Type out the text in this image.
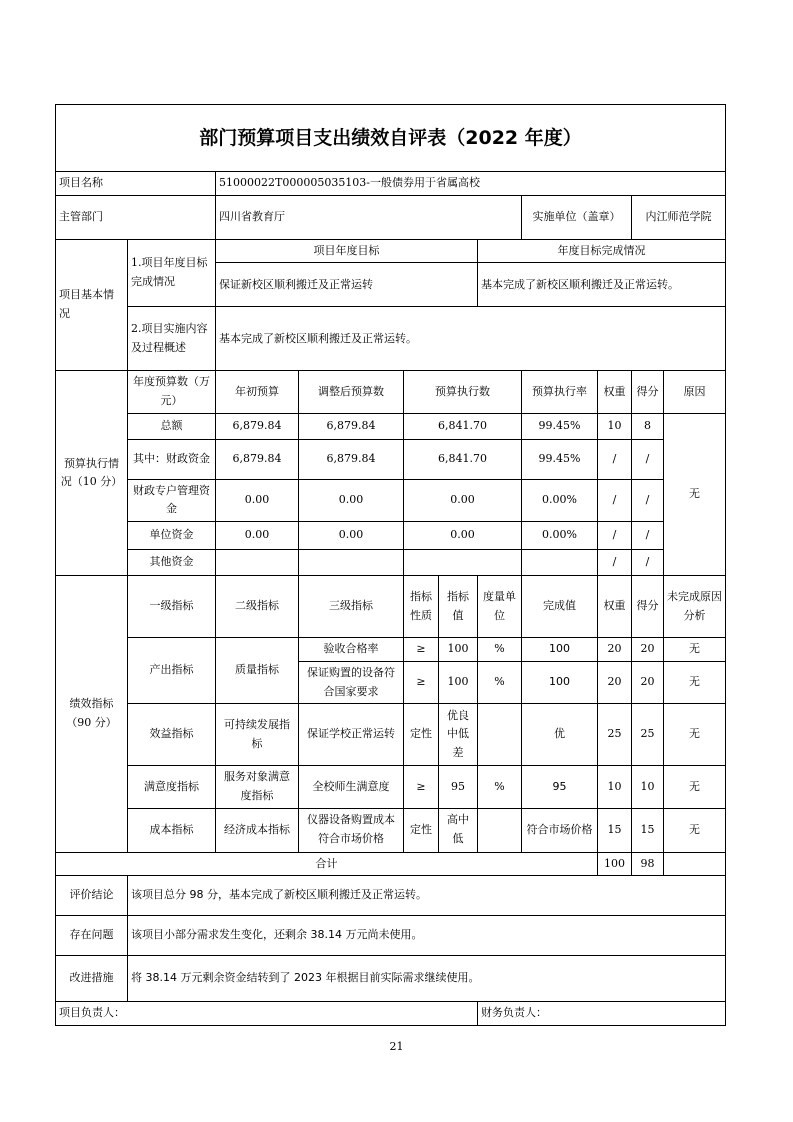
部门预算项目支出绩效自评表（2022 年度）										
项目名称		51000022T000005035103-一般债券用于省属高校								
主管部门		四川省教育厅					实施单位（盖章）		内江师范学院	
项目基本情况	1.项目年度目标完成情况	项目年度目标				年度目标完成情况				
		保证新校区顺利搬迁及正常运转				基本完成了新校区顺利搬迁及正常运转。				
	2.项目实施内容及过程概述	基本完成了新校区顺利搬迁及正常运转。								
预算执行情况（10 分）	年度预算数（万元）	年初预算	调整后预算数	预算执行数			预算执行率	权重	得分	原因
	总额	6,879.84	6,879.84	6,841.70			99.45%	10	8	无
	其中：财政资金	6,879.84	6,879.84	6,841.70			99.45%	/	/	
	财政专户管理资金	0.00	0.00	0.00			0.00%	/	/	
	单位资金	0.00	0.00	0.00			0.00%	/	/	
	其他资金							/	/	
绩效指标（90 分）	一级指标	二级指标	三级指标	指标性质	指标值	度量单位	完成值	权重	得分	未完成原因分析
	产出指标	质量指标	验收合格率	≥	100	%	100	20	20	无
			保证购置的设备符合国家要求	≥	100	%	100	20	20	无
	效益指标	可持续发展指标	保证学校正常运转	定性	优良中低差		优	25	25	无
	满意度指标	服务对象满意度指标	全校师生满意度	≥	95	%	95	10	10	无
	成本指标	经济成本指标	仪器设备购置成本符合市场价格	定性	高中低		符合市场价格	15	15	无
合计								100	98	
评价结论	该项目总分 98 分，基本完成了新校区顺利搬迁及正常运转。									
存在问题	该项目小部分需求发生变化，还剩余 38.14 万元尚未使用。									
改进措施	将 38.14 万元剩余资金结转到了 2023 年根据目前实际需求继续使用。									
项目负责人：						财务负责人：				
21
